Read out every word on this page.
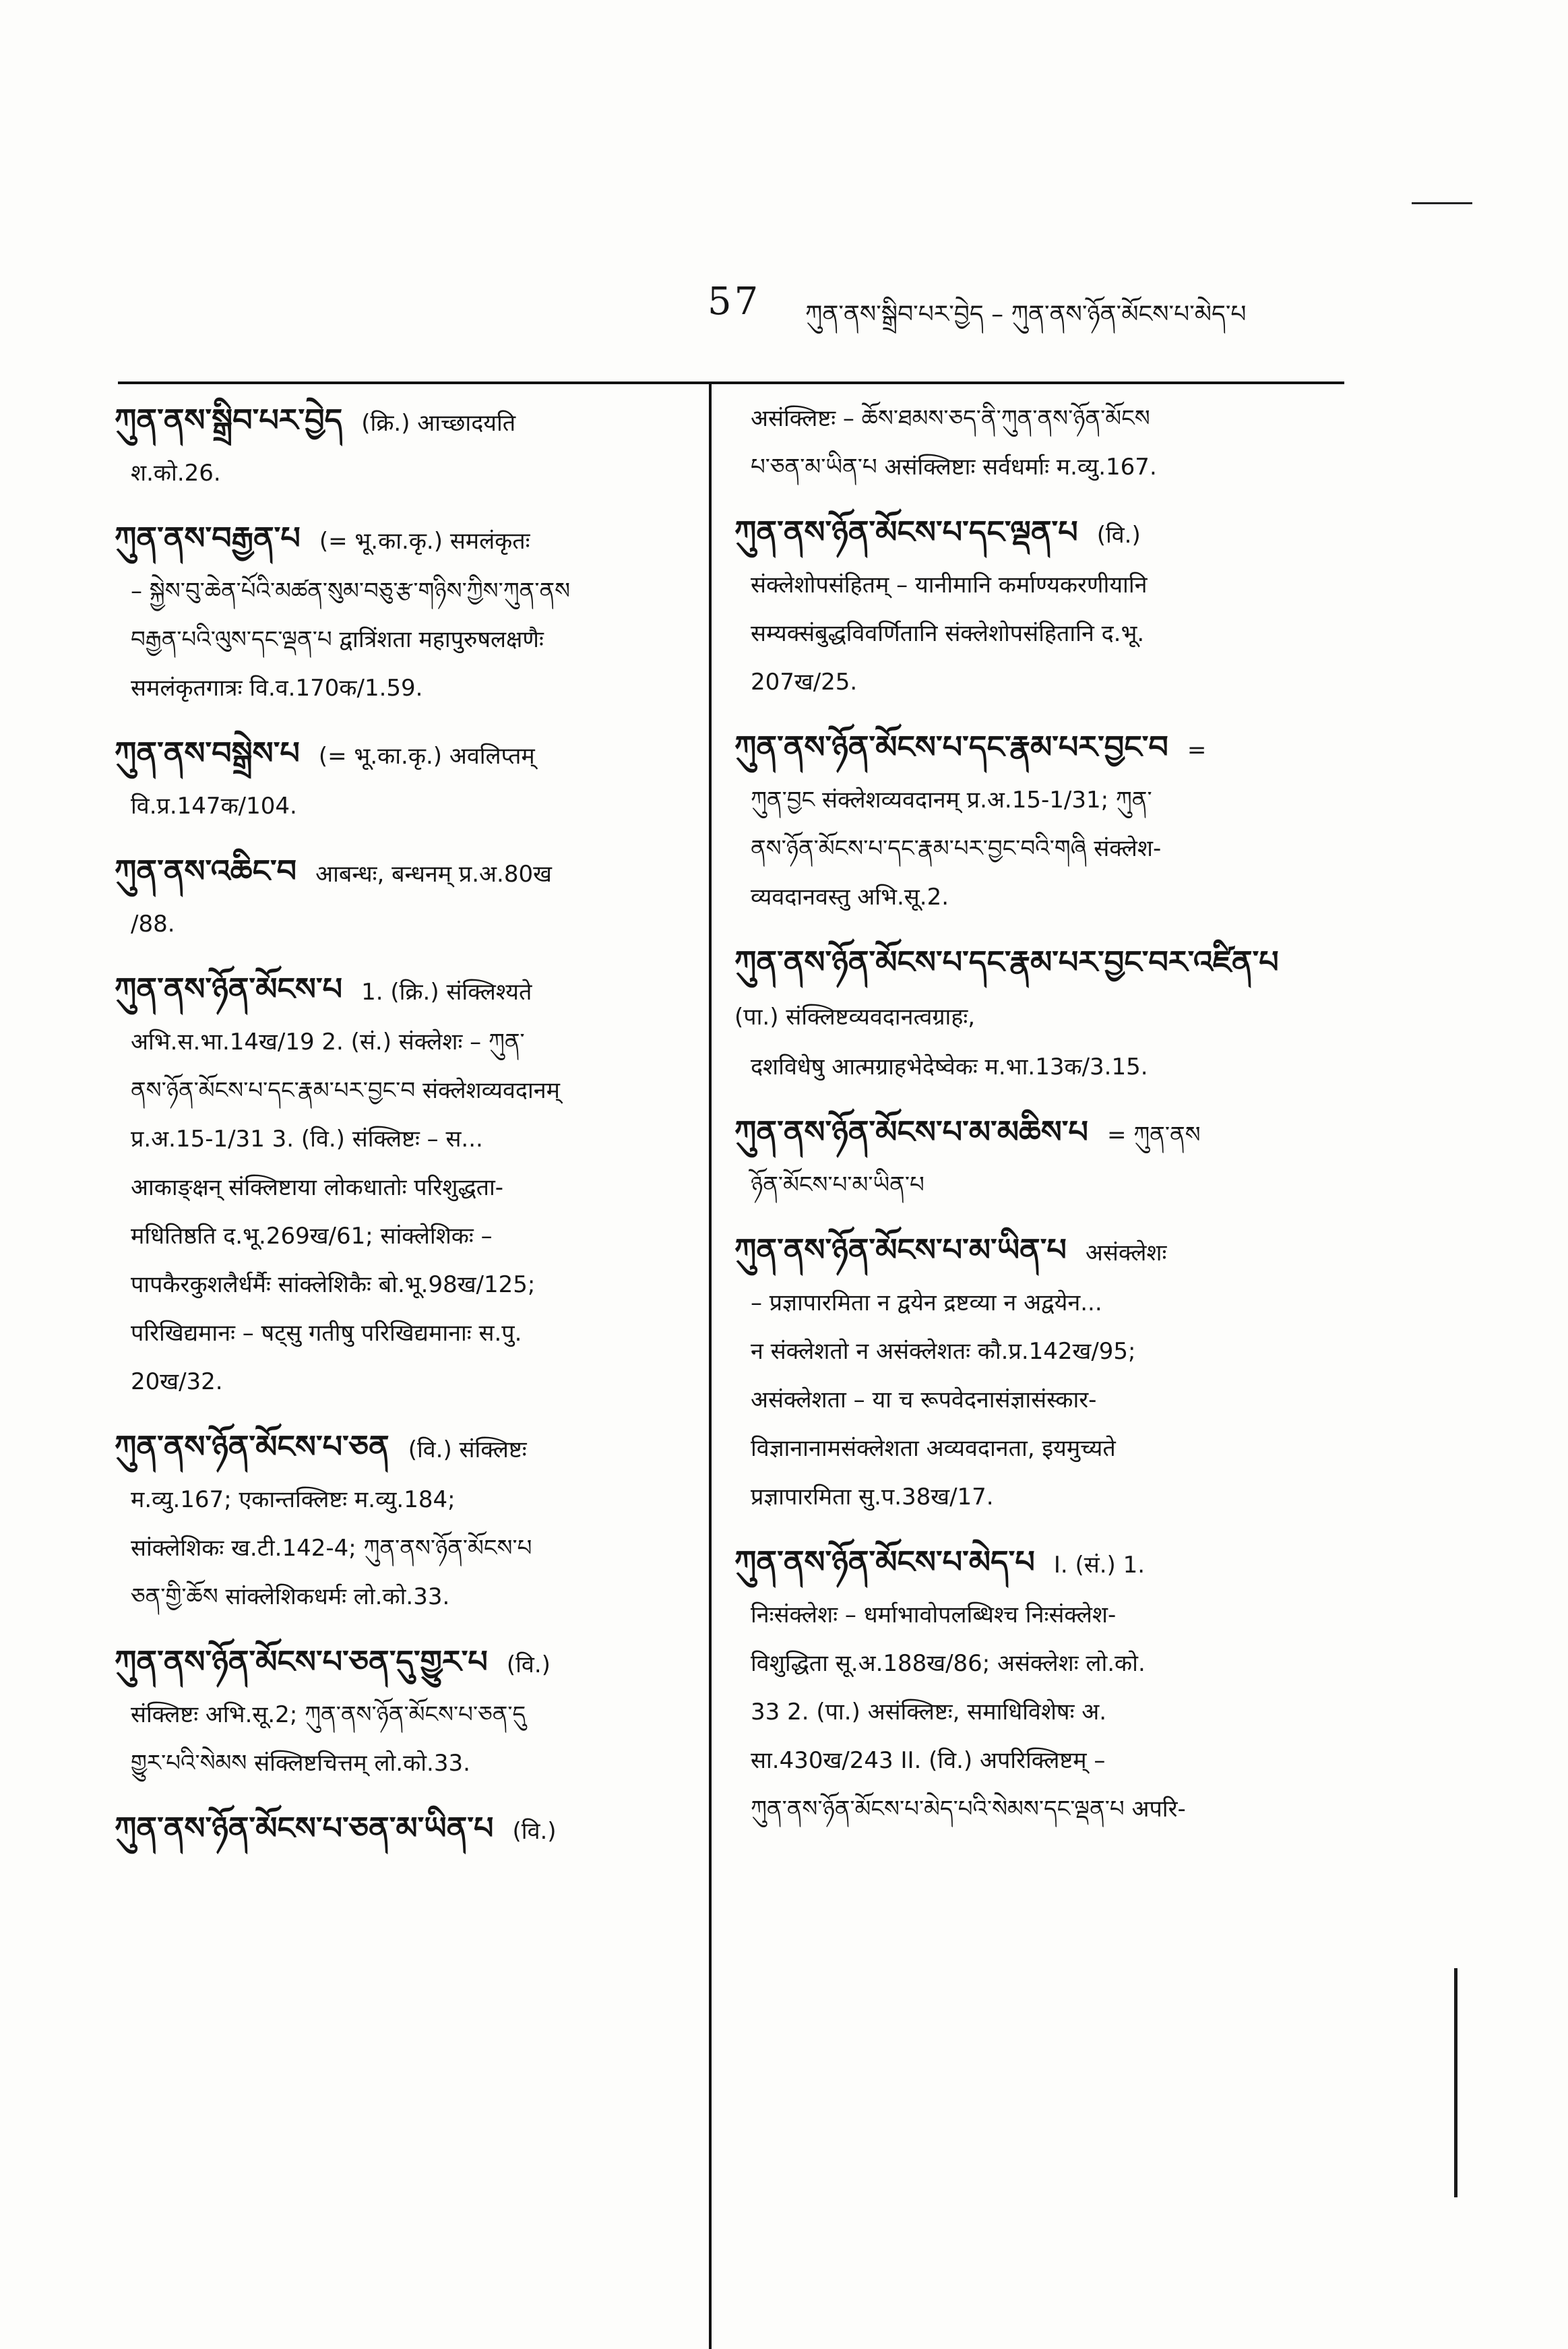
57 ཀུན་ནས་སྒྲིབ་པར་བྱེད – ཀུན་ནས་ཉོན་མོངས་པ་མེད་པ
ཀུན་ནས་སྒྲིབ་པར་བྱེད (क्रि.) आच्छादयति
श.को.26.
ཀུན་ནས་བརྒྱན་པ (= भू.का.कृ.) समलंकृतः
– སྐྱེས་བུ་ཆེན་པོའི་མཚན་སུམ་བཅུ་རྩ་གཉིས་ཀྱིས་ཀུན་ནས
བརྒྱན་པའི་ལུས་དང་ལྡན་པ द्वात्रिंशता महापुरुषलक्षणैः
समलंकृतगात्रः वि.व.170क/1.59.
ཀུན་ནས་བསྒྲེས་པ (= भू.का.कृ.) अवलिप्तम्
वि.प्र.147क/104.
ཀུན་ནས་འཆིང་བ आबन्धः, बन्धनम् प्र.अ.80ख
/88.
ཀུན་ནས་ཉོན་མོངས་པ 1. (क्रि.) संक्लिश्यते
अभि.स.भा.14ख/19 2. (सं.) संक्लेशः – ཀུན་
ནས་ཉོན་མོངས་པ་དང་རྣམ་པར་བྱང་བ संक्लेशव्यवदानम्
प्र.अ.15-1/31 3. (वि.) संक्लिष्टः – स...
आकाङ्क्षन् संक्लिष्टाया लोकधातोः परिशुद्धता-
मधितिष्ठति द.भू.269ख/61; सांक्लेशिकः –
पापकैरकुशलैर्धर्मैः सांक्लेशिकैः बो.भू.98ख/125;
परिखिद्यमानः – षट्सु गतीषु परिखिद्यमानाः स.पु.
20ख/32.
ཀུན་ནས་ཉོན་མོངས་པ་ཅན (वि.) संक्लिष्टः
म.व्यु.167; एकान्तक्लिष्टः म.व्यु.184;
सांक्लेशिकः ख.टी.142-4; ཀུན་ནས་ཉོན་མོངས་པ
ཅན་གྱི་ཆོས सांक्लेशिकधर्मः लो.को.33.
ཀུན་ནས་ཉོན་མོངས་པ་ཅན་དུ་གྱུར་པ (वि.)
संक्लिष्टः अभि.सू.2; ཀུན་ནས་ཉོན་མོངས་པ་ཅན་དུ
གྱུར་པའི་སེམས संक्लिष्टचित्तम् लो.को.33.
ཀུན་ནས་ཉོན་མོངས་པ་ཅན་མ་ཡིན་པ (वि.)
असंक्लिष्टः – ཆོས་ཐམས་ཅད་ནི་ཀུན་ནས་ཉོན་མོངས
པ་ཅན་མ་ཡིན་པ असंक्लिष्टाः सर्वधर्माः म.व्यु.167.
ཀུན་ནས་ཉོན་མོངས་པ་དང་ལྡན་པ (वि.)
संक्लेशोपसंहितम् – यानीमानि कर्माण्यकरणीयानि
सम्यक्संबुद्धविवर्णितानि संक्लेशोपसंहितानि द.भू.
207ख/25.
ཀུན་ནས་ཉོན་མོངས་པ་དང་རྣམ་པར་བྱང་བ =
ཀུན་བྱང संक्लेशव्यवदानम् प्र.अ.15-1/31; ཀུན་
ནས་ཉོན་མོངས་པ་དང་རྣམ་པར་བྱང་བའི་གཞི संक्लेश-
व्यवदानवस्तु अभि.सू.2.
ཀུན་ནས་ཉོན་མོངས་པ་དང་རྣམ་པར་བྱང་བར་འཛིན་པ
(पा.) संक्लिष्टव्यवदानत्वग्राहः,
दशविधेषु आत्मग्राहभेदेष्वेकः म.भा.13क/3.15.
ཀུན་ནས་ཉོན་མོངས་པ་མ་མཆིས་པ = ཀུན་ནས
ཉོན་མོངས་པ་མ་ཡིན་པ
ཀུན་ནས་ཉོན་མོངས་པ་མ་ཡིན་པ असंक्लेशः
– प्रज्ञापारमिता न द्वयेन द्रष्टव्या न अद्वयेन...
न संक्लेशतो न असंक्लेशतः कौ.प्र.142ख/95;
असंक्लेशता – या च रूपवेदनासंज्ञासंस्कार-
विज्ञानानामसंक्लेशता अव्यवदानता, इयमुच्यते
प्रज्ञापारमिता सु.प.38ख/17.
ཀུན་ནས་ཉོན་མོངས་པ་མེད་པ I. (सं.) 1.
निःसंक्लेशः – धर्माभावोपलब्धिश्च निःसंक्लेश-
विशुद्धिता सू.अ.188ख/86; असंक्लेशः लो.को.
33 2. (पा.) असंक्लिष्टः, समाधिविशेषः अ.
सा.430ख/243 II. (वि.) अपरिक्लिष्टम् –
ཀུན་ནས་ཉོན་མོངས་པ་མེད་པའི་སེམས་དང་ལྡན་པ अपरि-
